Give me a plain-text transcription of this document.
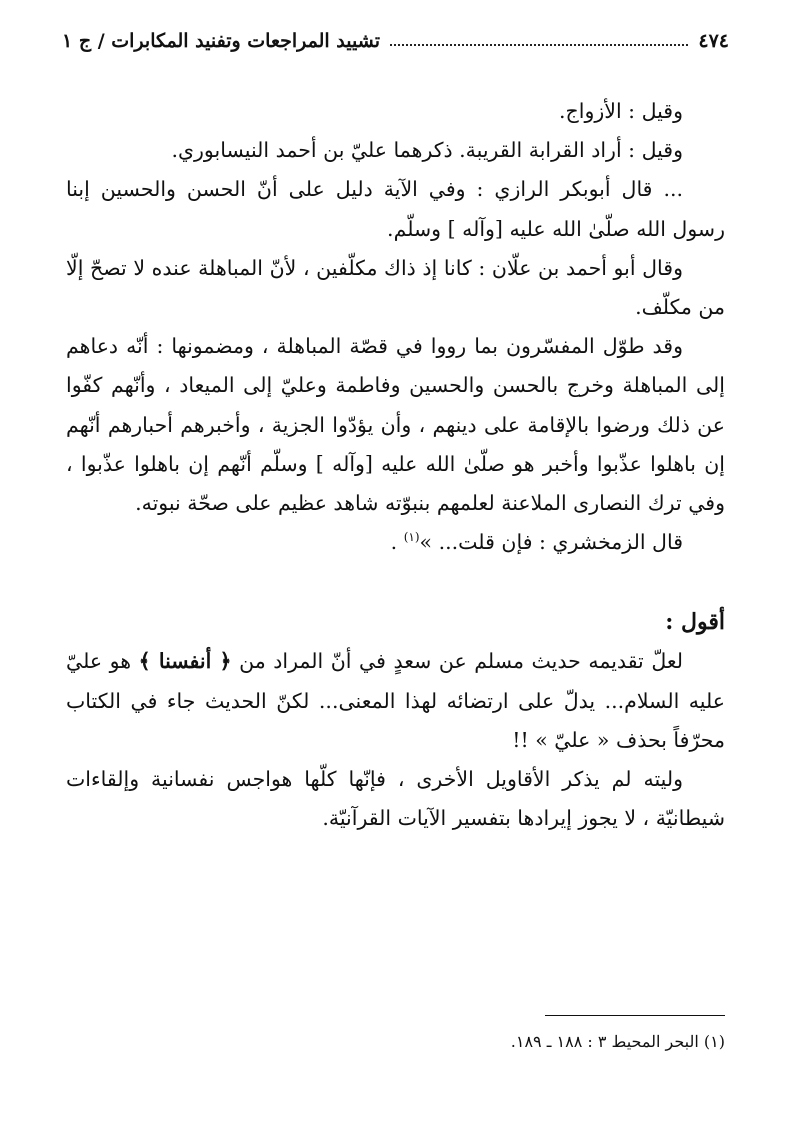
٤٧٤
تشييد المراجعات وتفنيد المكابرات / ج ١

وقيل : الأزواج.

وقيل : أراد القرابة القريبة. ذكرهما عليّ بن أحمد النيسابوري.

... قال أبوبكر الرازي : وفي الآية دليل على أنّ الحسن والحسين إبنا رسول الله صلّىٰ الله عليه [وآله ] وسلّم.

وقال أبو أحمد بن علّان : كانا إذ ذاك مكلّفين ، لأنّ المباهلة عنده لا تصحّ إلّا من مكلّف.

وقد طوّل المفسّرون بما رووا في قصّة المباهلة ، ومضمونها : أنّه دعاهم إلى المباهلة وخرج بالحسن والحسين وفاطمة وعليّ إلى الميعاد ، وأنّهم كفّوا عن ذلك ورضوا بالإقامة على دينهم ، وأن يؤدّوا الجزية ، وأخبرهم أحبارهم أنّهم إن باهلوا عذّبوا وأخبر هو صلّىٰ الله عليه [وآله ] وسلّم أنّهم إن باهلوا عذّبوا ، وفي ترك النصارى الملاعنة لعلمهم بنبوّته شاهد عظيم على صحّة نبوته.

قال الزمخشري : فإن قلت... »$^{(١)}$ .

أقول :

لعلّ تقديمه حديث مسلم عن سعدٍ في أنّ المراد من ﴿ أنفسنا ﴾ هو عليّ عليه السلام... يدلّ على ارتضائه لهذا المعنى... لكنّ الحديث جاء في الكتاب محرّفاً بحذف « عليّ » !!

وليته لم يذكر الأقاويل الأخرى ، فإنّها كلّها هواجس نفسانية وإلقاءات شيطانيّة ، لا يجوز إيرادها بتفسير الآيات القرآنيّة.

(١) البحر المحيط ٣ : ١٨٨ ـ ١٨٩.
